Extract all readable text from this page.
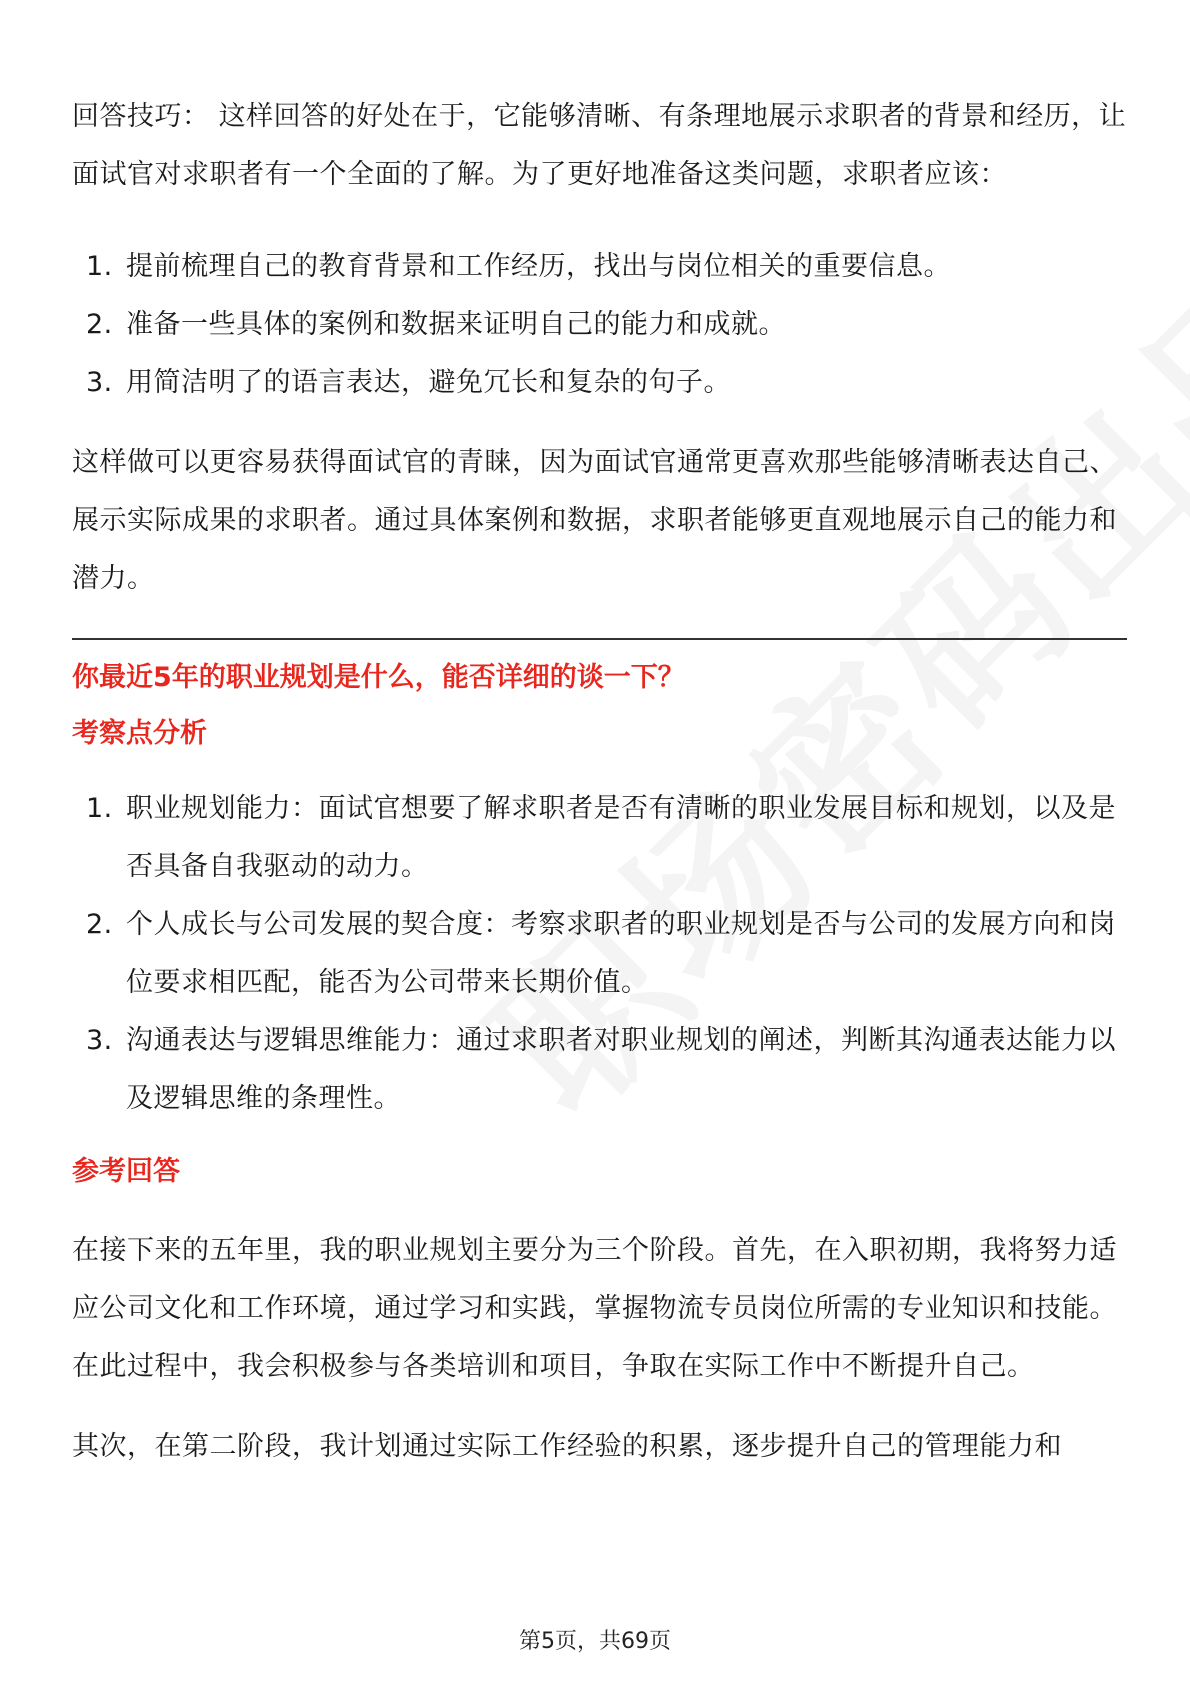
回答技巧： 这样回答的好处在于，它能够清晰、有条理地展示求职者的背景和经历，让面试官对求职者有一个全面的了解。为了更好地准备这类问题，求职者应该：

1. 提前梳理自己的教育背景和工作经历，找出与岗位相关的重要信息。
2. 准备一些具体的案例和数据来证明自己的能力和成就。
3. 用简洁明了的语言表达，避免冗长和复杂的句子。

这样做可以更容易获得面试官的青睐，因为面试官通常更喜欢那些能够清晰表达自己、展示实际成果的求职者。通过具体案例和数据，求职者能够更直观地展示自己的能力和潜力。

你最近5年的职业规划是什么，能否详细的谈一下？

考察点分析

1. 职业规划能力：面试官想要了解求职者是否有清晰的职业发展目标和规划，以及是否具备自我驱动的动力。
2. 个人成长与公司发展的契合度：考察求职者的职业规划是否与公司的发展方向和岗位要求相匹配，能否为公司带来长期价值。
3. 沟通表达与逻辑思维能力：通过求职者对职业规划的阐述，判断其沟通表达能力以及逻辑思维的条理性。

参考回答

在接下来的五年里，我的职业规划主要分为三个阶段。首先，在入职初期，我将努力适应公司文化和工作环境，通过学习和实践，掌握物流专员岗位所需的专业知识和技能。在此过程中，我会积极参与各类培训和项目，争取在实际工作中不断提升自己。

其次，在第二阶段，我计划通过实际工作经验的积累，逐步提升自己的管理能力和

第5页，共69页
